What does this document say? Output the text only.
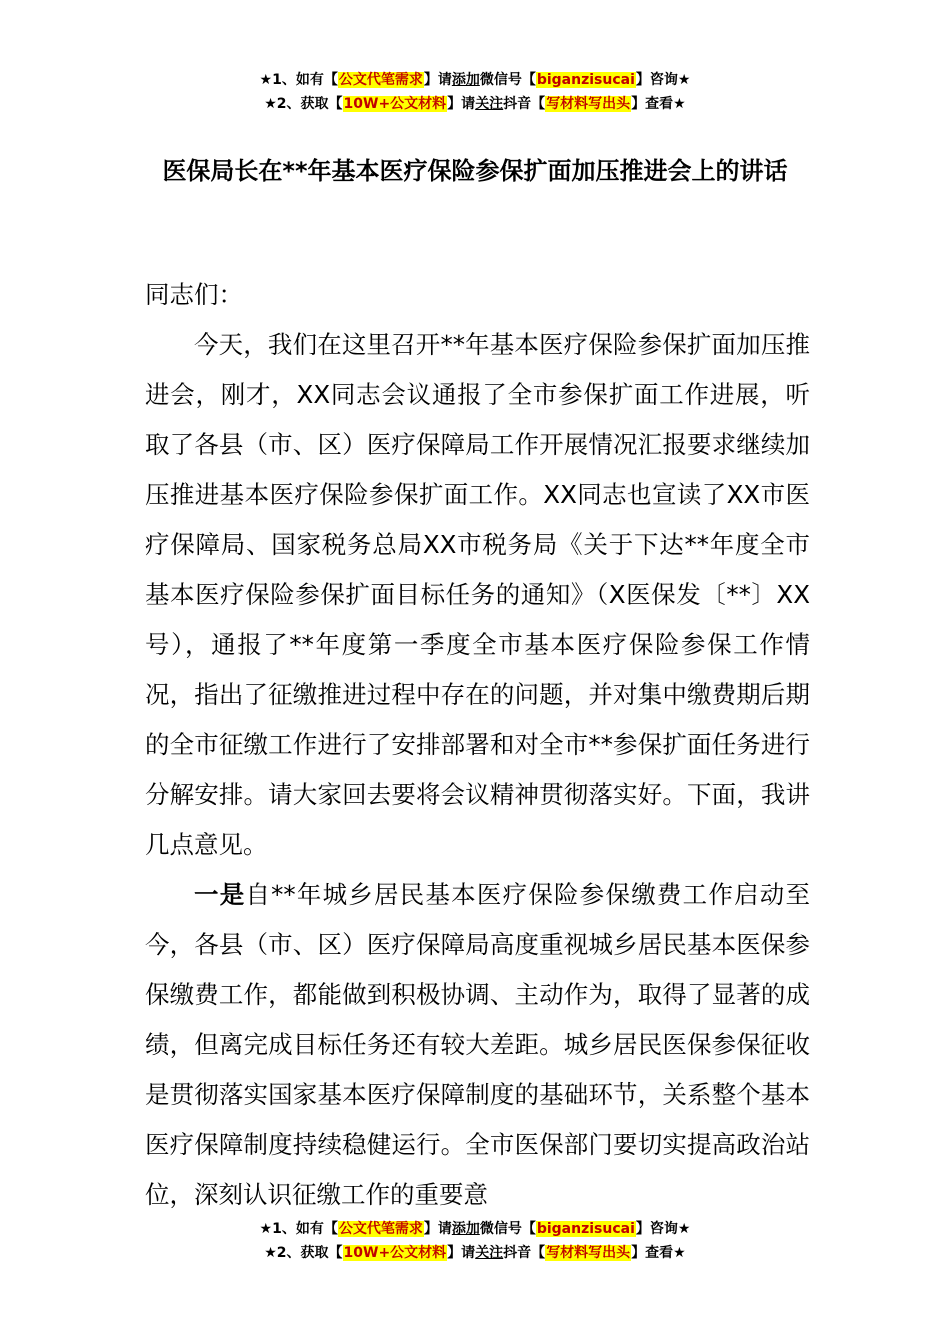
★1、如有【公文代笔需求】请添加微信号【biganzisucai】咨询★
★2、获取【10W+公文材料】请关注抖音【写材料写出头】查看★
医保局长在**年基本医疗保险参保扩面加压推进会上的讲话

同志们：

今天，我们在这里召开**年基本医疗保险参保扩面加压推进会，刚才，XX同志会议通报了全市参保扩面工作进展，听取了各县（市、区）医疗保障局工作开展情况汇报要求继续加压推进基本医疗保险参保扩面工作。XX同志也宣读了XX市医疗保障局、国家税务总局XX市税务局《关于下达**年度全市基本医疗保险参保扩面目标任务的通知》（X医保发〔**〕XX号），通报了**年度第一季度全市基本医疗保险参保工作情况，指出了征缴推进过程中存在的问题，并对集中缴费期后期的全市征缴工作进行了安排部署和对全市**参保扩面任务进行分解安排。请大家回去要将会议精神贯彻落实好。下面，我讲几点意见。

一是自**年城乡居民基本医疗保险参保缴费工作启动至今，各县（市、区）医疗保障局高度重视城乡居民基本医保参保缴费工作，都能做到积极协调、主动作为，取得了显著的成绩，但离完成目标任务还有较大差距。城乡居民医保参保征收是贯彻落实国家基本医疗保障制度的基础环节，关系整个基本医疗保障制度持续稳健运行。全市医保部门要切实提高政治站位，深刻认识征缴工作的重要意

★1、如有【公文代笔需求】请添加微信号【biganzisucai】咨询★
★2、获取【10W+公文材料】请关注抖音【写材料写出头】查看★
